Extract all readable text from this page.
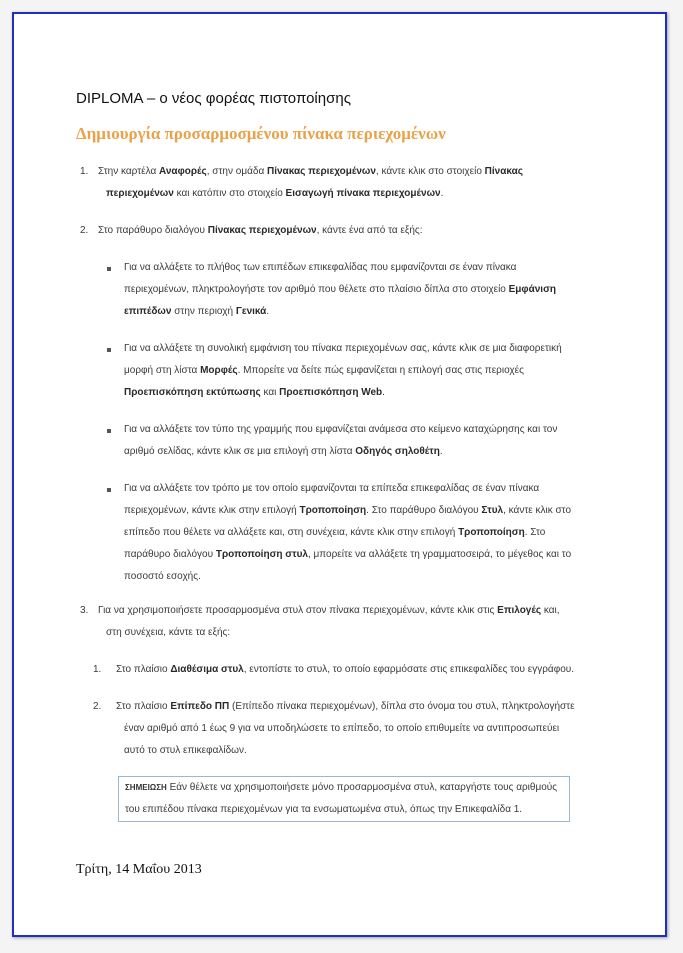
DIPLOMA – ο νέος φορέας πιστοποίησης
Δημιουργία προσαρμοσμένου πίνακα περιεχομένων
1. Στην καρτέλα Αναφορές, στην ομάδα Πίνακας περιεχομένων, κάντε κλικ στο στοιχείο Πίνακας περιεχομένων και κατόπιν στο στοιχείο Εισαγωγή πίνακα περιεχομένων.
2. Στο παράθυρο διαλόγου Πίνακας περιεχομένων, κάντε ένα από τα εξής:
Για να αλλάξετε το πλήθος των επιπέδων επικεφαλίδας που εμφανίζονται σε έναν πίνακα περιεχομένων, πληκτρολογήστε τον αριθμό που θέλετε στο πλαίσιο δίπλα στο στοιχείο Εμφάνιση επιπέδων στην περιοχή Γενικά.
Για να αλλάξετε τη συνολική εμφάνιση του πίνακα περιεχομένων σας, κάντε κλικ σε μια διαφορετική μορφή στη λίστα Μορφές. Μπορείτε να δείτε πώς εμφανίζεται η επιλογή σας στις περιοχές Προεπισκόπηση εκτύπωσης και Προεπισκόπηση Web.
Για να αλλάξετε τον τύπο της γραμμής που εμφανίζεται ανάμεσα στο κείμενο καταχώρησης και τον αριθμό σελίδας, κάντε κλικ σε μια επιλογή στη λίστα Οδηγός σηλοθέτη.
Για να αλλάξετε τον τρόπο με τον οποίο εμφανίζονται τα επίπεδα επικεφαλίδας σε έναν πίνακα περιεχομένων, κάντε κλικ στην επιλογή Τροποποίηση. Στο παράθυρο διαλόγου Στυλ, κάντε κλικ στο επίπεδο που θέλετε να αλλάξετε και, στη συνέχεια, κάντε κλικ στην επιλογή Τροποποίηση. Στο παράθυρο διαλόγου Τροποποίηση στυλ, μπορείτε να αλλάξετε τη γραμματοσειρά, το μέγεθος και το ποσοστό εσοχής.
3. Για να χρησιμοποιήσετε προσαρμοσμένα στυλ στον πίνακα περιεχομένων, κάντε κλικ στις Επιλογές και, στη συνέχεια, κάντε τα εξής:
1. Στο πλαίσιο Διαθέσιμα στυλ, εντοπίστε το στυλ, το οποίο εφαρμόσατε στις επικεφαλίδες του εγγράφου.
2. Στο πλαίσιο Επίπεδο ΠΠ (Επίπεδο πίνακα περιεχομένων), δίπλα στο όνομα του στυλ, πληκτρολογήστε έναν αριθμό από 1 έως 9 για να υποδηλώσετε το επίπεδο, το οποίο επιθυμείτε να αντιπροσωπεύει αυτό το στυλ επικεφαλίδων.
ΣΗΜΕΙΩΣΗ Εάν θέλετε να χρησιμοποιήσετε μόνο προσαρμοσμένα στυλ, καταργήστε τους αριθμούς του επιπέδου πίνακα περιεχομένων για τα ενσωματωμένα στυλ, όπως την Επικεφαλίδα 1.
Τρίτη, 14 Μαΐου 2013
